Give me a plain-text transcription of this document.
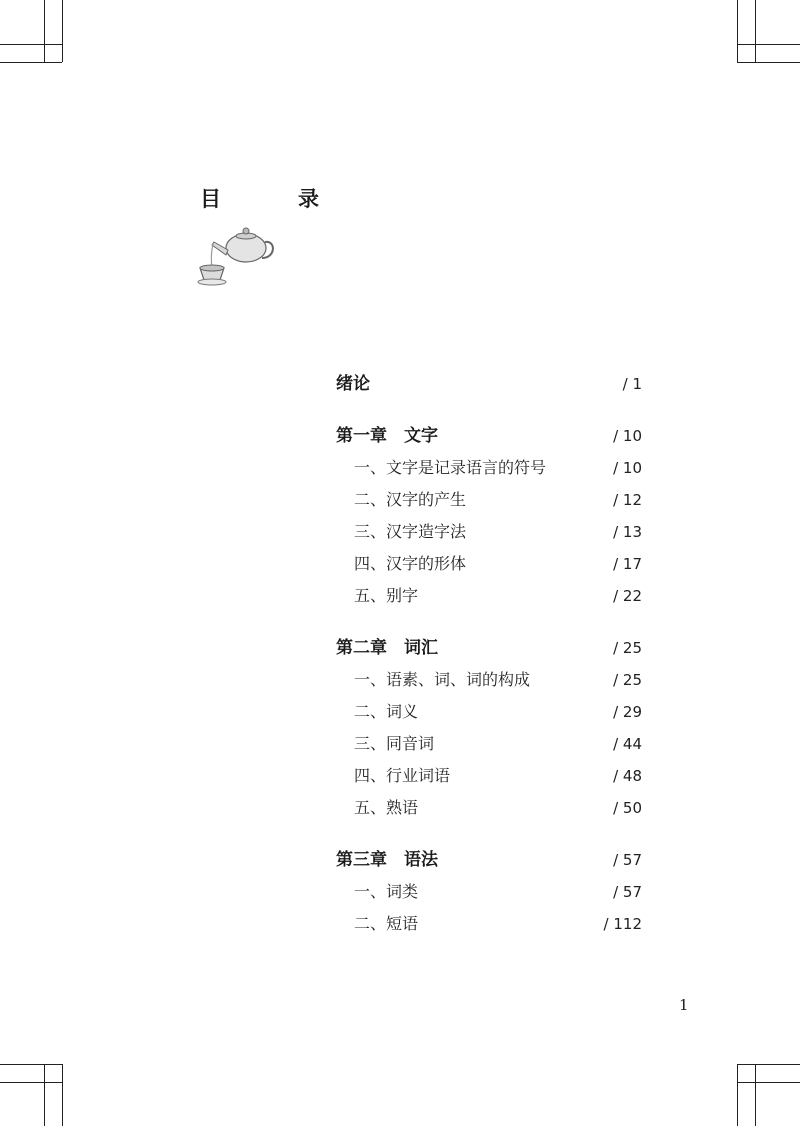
目　录
绪论	/ 1
第一章　文字	/ 10
一、文字是记录语言的符号	/ 10
二、汉字的产生	/ 12
三、汉字造字法	/ 13
四、汉字的形体	/ 17
五、别字	/ 22
第二章　词汇	/ 25
一、语素、词、词的构成	/ 25
二、词义	/ 29
三、同音词	/ 44
四、行业词语	/ 48
五、熟语	/ 50
第三章　语法	/ 57
一、词类	/ 57
二、短语	/ 112
1
